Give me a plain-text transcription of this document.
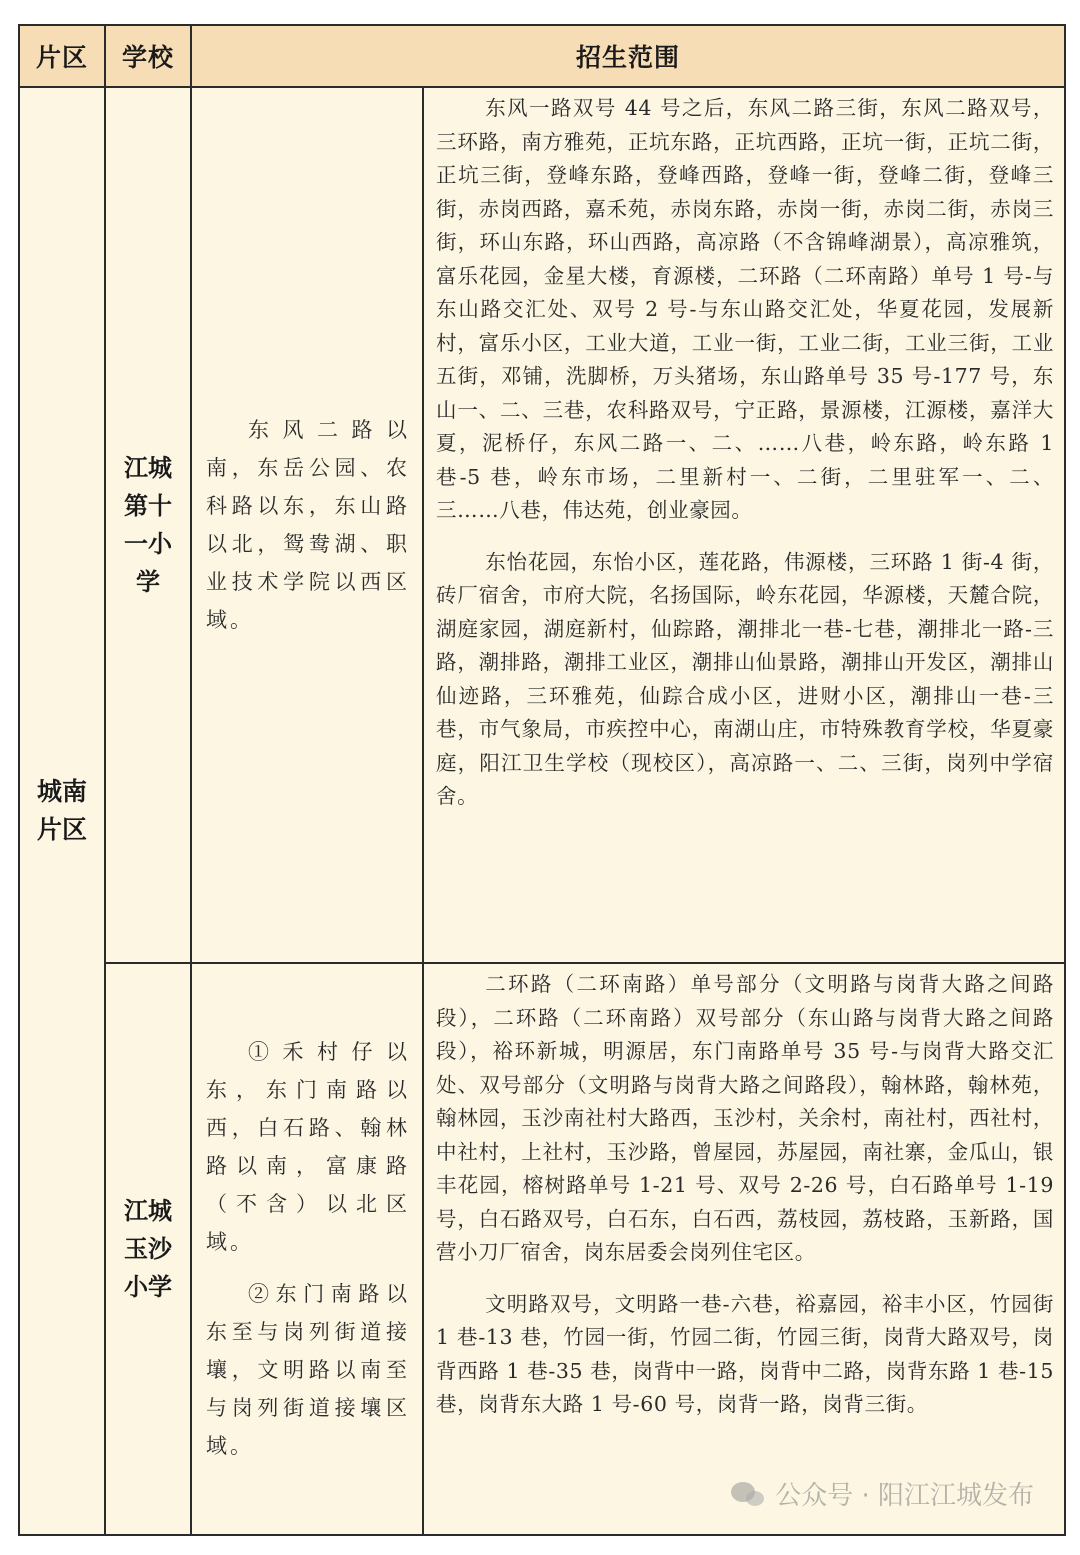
片区	学校	招生范围
城南片区
江城第十一小学

东风二路以南，东岳公园、农科路以东，东山路以北，鸳鸯湖、职业技术学院以西区域。

东风一路双号 44 号之后，东风二路三街，东风二路双号，三环路，南方雅苑，正坑东路，正坑西路，正坑一街，正坑二街，正坑三街，登峰东路，登峰西路，登峰一街，登峰二街，登峰三街，赤岗西路，嘉禾苑，赤岗东路，赤岗一街，赤岗二街，赤岗三街，环山东路，环山西路，高凉路（不含锦峰湖景），高凉雅筑，富乐花园，金星大楼，育源楼，二环路（二环南路）单号 1 号-与东山路交汇处、双号 2 号-与东山路交汇处，华夏花园，发展新村，富乐小区，工业大道，工业一街，工业二街，工业三街，工业五街，邓铺，洗脚桥，万头猪场，东山路单号 35 号-177 号，东山一、二、三巷，农科路双号，宁正路，景源楼，江源楼，嘉洋大夏，泥桥仔，东风二路一、二、……八巷，岭东路，岭东路 1 巷-5 巷，岭东市场，二里新村一、二街，二里驻军一、二、三……八巷，伟达苑，创业豪园。

东怡花园，东怡小区，莲花路，伟源楼，三环路 1 街-4 街，砖厂宿舍，市府大院，名扬国际，岭东花园，华源楼，天麓合院，湖庭家园，湖庭新村，仙踪路，潮排北一巷-七巷，潮排北一路-三路，潮排路，潮排工业区，潮排山仙景路，潮排山开发区，潮排山仙迹路，三环雅苑，仙踪合成小区，进财小区，潮排山一巷-三巷，市气象局，市疾控中心，南湖山庄，市特殊教育学校，华夏豪庭，阳江卫生学校（现校区），高凉路一、二、三街，岗列中学宿舍。

江城玉沙小学

①禾村仔以东，东门南路以西，白石路、翰林路以南，富康路（不含）以北区域。

②东门南路以东至与岗列街道接壤，文明路以南至与岗列街道接壤区域。

二环路（二环南路）单号部分（文明路与岗背大路之间路段），二环路（二环南路）双号部分（东山路与岗背大路之间路段），裕环新城，明源居，东门南路单号 35 号-与岗背大路交汇处、双号部分（文明路与岗背大路之间路段），翰林路，翰林苑，翰林园，玉沙南社村大路西，玉沙村，关余村，南社村，西社村，中社村，上社村，玉沙路，曾屋园，苏屋园，南社寨，金瓜山，银丰花园，榕树路单号 1-21 号、双号 2-26 号，白石路单号 1-19 号，白石路双号，白石东，白石西，荔枝园，荔枝路，玉新路，国营小刀厂宿舍，岗东居委会岗列住宅区。

文明路双号，文明路一巷-六巷，裕嘉园，裕丰小区，竹园街 1 巷-13 巷，竹园一街，竹园二街，竹园三街，岗背大路双号，岗背西路 1 巷-35 巷，岗背中一路，岗背中二路，岗背东路 1 巷-15 巷，岗背东大路 1 号-60 号，岗背一路，岗背三街。

公众号 · 阳江江城发布
